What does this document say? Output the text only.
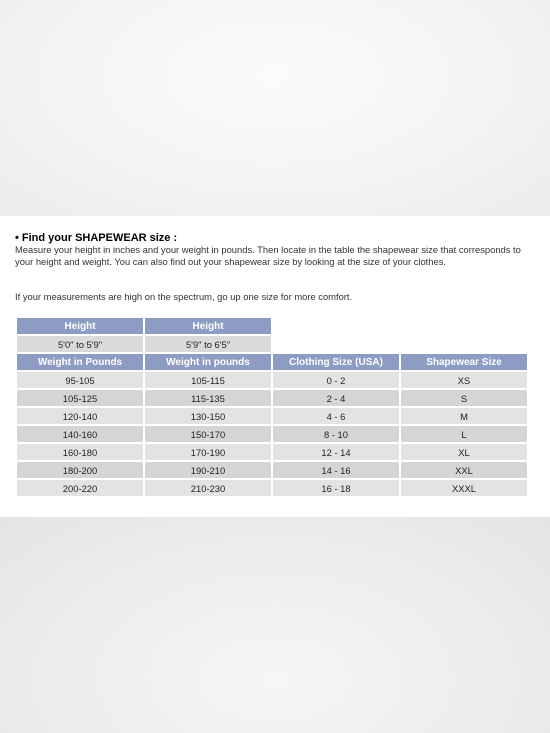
• Find your SHAPEWEAR size :
Measure your height in inches and your weight in pounds. Then locate in the table the shapewear size that corresponds to your height and weight. You can also find out your shapewear size by looking at the size of your clothes.
If your measurements are high on the spectrum, go up one size for more comfort.
Height	Height		
5'0" to 5'9"	5'9" to 6'5"		
Weight in Pounds	Weight in pounds	Clothing Size (USA)	Shapewear Size
95-105	105-115	0 - 2	XS
105-125	115-135	2 - 4	S
120-140	130-150	4 - 6	M
140-160	150-170	8 - 10	L
160-180	170-190	12 - 14	XL
180-200	190-210	14 - 16	XXL
200-220	210-230	16 - 18	XXXL
